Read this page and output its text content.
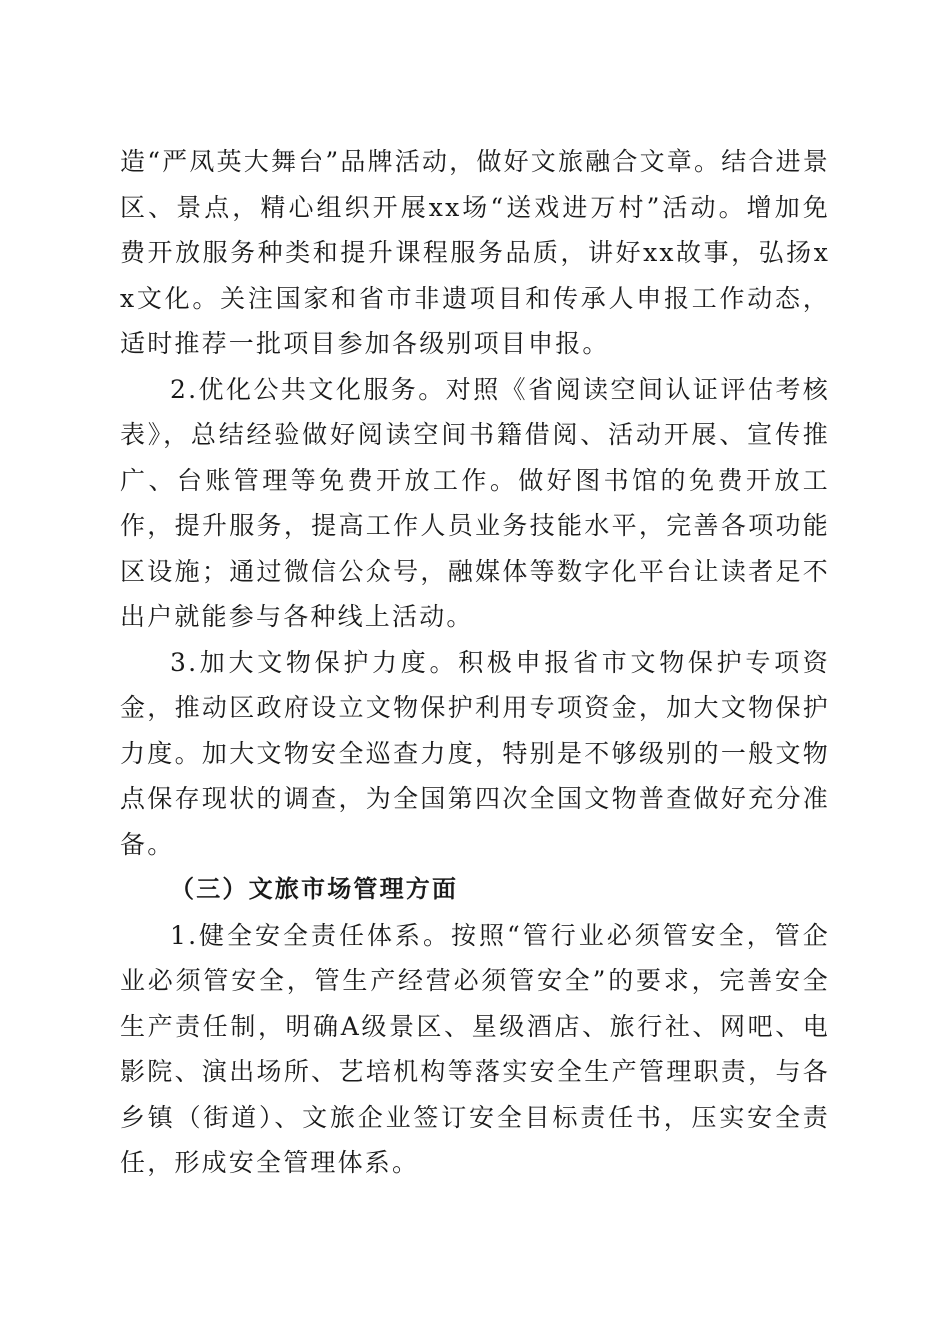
造“严凤英大舞台”品牌活动，做好文旅融合文章。结合进景区、景点，精心组织开展xx场“送戏进万村”活动。增加免费开放服务种类和提升课程服务品质，讲好xx故事，弘扬xx文化。关注国家和省市非遗项目和传承人申报工作动态，适时推荐一批项目参加各级别项目申报。

2.优化公共文化服务。对照《省阅读空间认证评估考核表》，总结经验做好阅读空间书籍借阅、活动开展、宣传推广、台账管理等免费开放工作。做好图书馆的免费开放工作，提升服务，提高工作人员业务技能水平，完善各项功能区设施；通过微信公众号，融媒体等数字化平台让读者足不出户就能参与各种线上活动。

3.加大文物保护力度。积极申报省市文物保护专项资金，推动区政府设立文物保护利用专项资金，加大文物保护力度。加大文物安全巡查力度，特别是不够级别的一般文物点保存现状的调查，为全国第四次全国文物普查做好充分准备。

（三）文旅市场管理方面

1.健全安全责任体系。按照“管行业必须管安全，管企业必须管安全，管生产经营必须管安全”的要求，完善安全生产责任制，明确A级景区、星级酒店、旅行社、网吧、电影院、演出场所、艺培机构等落实安全生产管理职责，与各乡镇（街道）、文旅企业签订安全目标责任书，压实安全责任，形成安全管理体系。
